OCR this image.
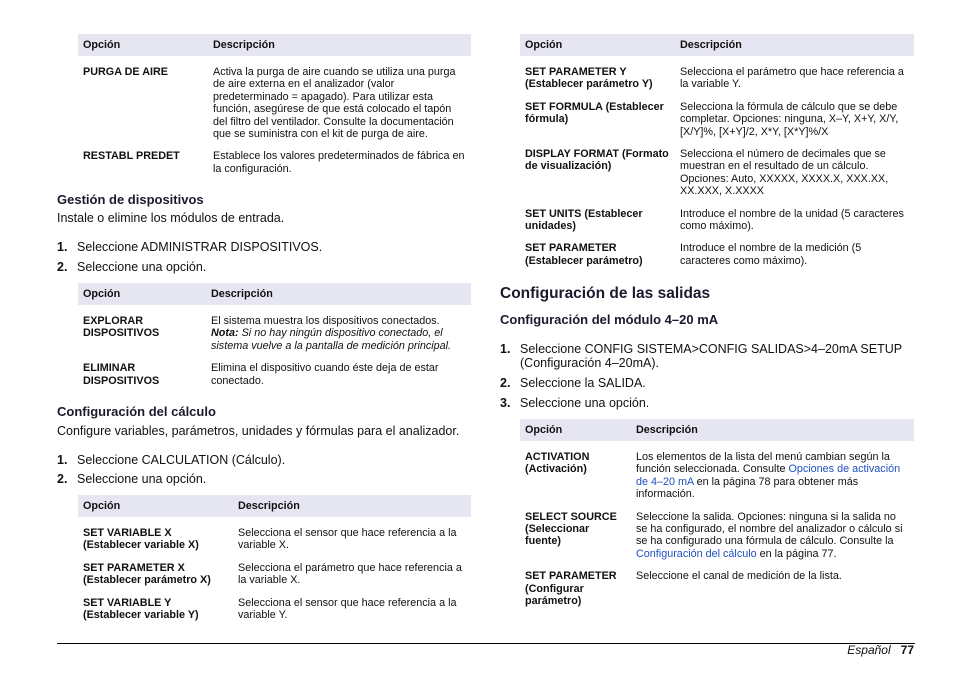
Opción	Descripción

PURGA DE AIRE	Activa la purga de aire cuando se utiliza una purga de aire externa en el analizador (valor predeterminado = apagado). Para utilizar esta función, asegúrese de que está colocado el tapón del filtro del ventilador. Consulte la documentación que se suministra con el kit de purga de aire.

RESTABL PREDET	Establece los valores predeterminados de fábrica en la configuración.
Gestión de dispositivos

Instale o elimine los módulos de entrada.

1. Seleccione ADMINISTRAR DISPOSITIVOS.
2. Seleccione una opción.
Opción	Descripción

EXPLORAR DISPOSITIVOS	El sistema muestra los dispositivos conectados.
Nota: Si no hay ningún dispositivo conectado, el sistema vuelve a la pantalla de medición principal.

ELIMINAR DISPOSITIVOS	Elimina el dispositivo cuando éste deja de estar conectado.
Configuración del cálculo

Configure variables, parámetros, unidades y fórmulas para el analizador.

1. Seleccione CALCULATION (Cálculo).
2. Seleccione una opción.
Opción	Descripción

SET VARIABLE X (Establecer variable X)	Selecciona el sensor que hace referencia a la variable X.

SET PARAMETER X (Establecer parámetro X)	Selecciona el parámetro que hace referencia a la variable X.

SET VARIABLE Y (Establecer variable Y)	Selecciona el sensor que hace referencia a la variable Y.
Opción	Descripción

SET PARAMETER Y (Establecer parámetro Y)	Selecciona el parámetro que hace referencia a la variable Y.

SET FORMULA (Establecer fórmula)	Selecciona la fórmula de cálculo que se debe completar. Opciones: ninguna, X–Y, X+Y, X/Y, [X/Y]%, [X+Y]/2, X*Y, [X*Y]%/X

DISPLAY FORMAT (Formato de visualización)	Selecciona el número de decimales que se muestran en el resultado de un cálculo. Opciones: Auto, XXXXX, XXXX.X, XXX.XX, XX.XXX, X.XXXX

SET UNITS (Establecer unidades)	Introduce el nombre de la unidad (5 caracteres como máximo).

SET PARAMETER (Establecer parámetro)	Introduce el nombre de la medición (5 caracteres como máximo).
Configuración de las salidas
Configuración del módulo 4–20 mA
1. Seleccione CONFIG SISTEMA>CONFIG SALIDAS>4–20mA SETUP (Configuración 4–20mA).
2. Seleccione la SALIDA.
3. Seleccione una opción.
Opción	Descripción

ACTIVATION (Activación)	Los elementos de la lista del menú cambian según la función seleccionada. Consulte Opciones de activación de 4–20 mA en la página 78 para obtener más información.

SELECT SOURCE (Seleccionar fuente)	Seleccione la salida. Opciones: ninguna si la salida no se ha configurado, el nombre del analizador o cálculo si se ha configurado una fórmula de cálculo. Consulte la Configuración del cálculo en la página 77.

SET PARAMETER (Configurar parámetro)	Seleccione el canal de medición de la lista.
Español 77
